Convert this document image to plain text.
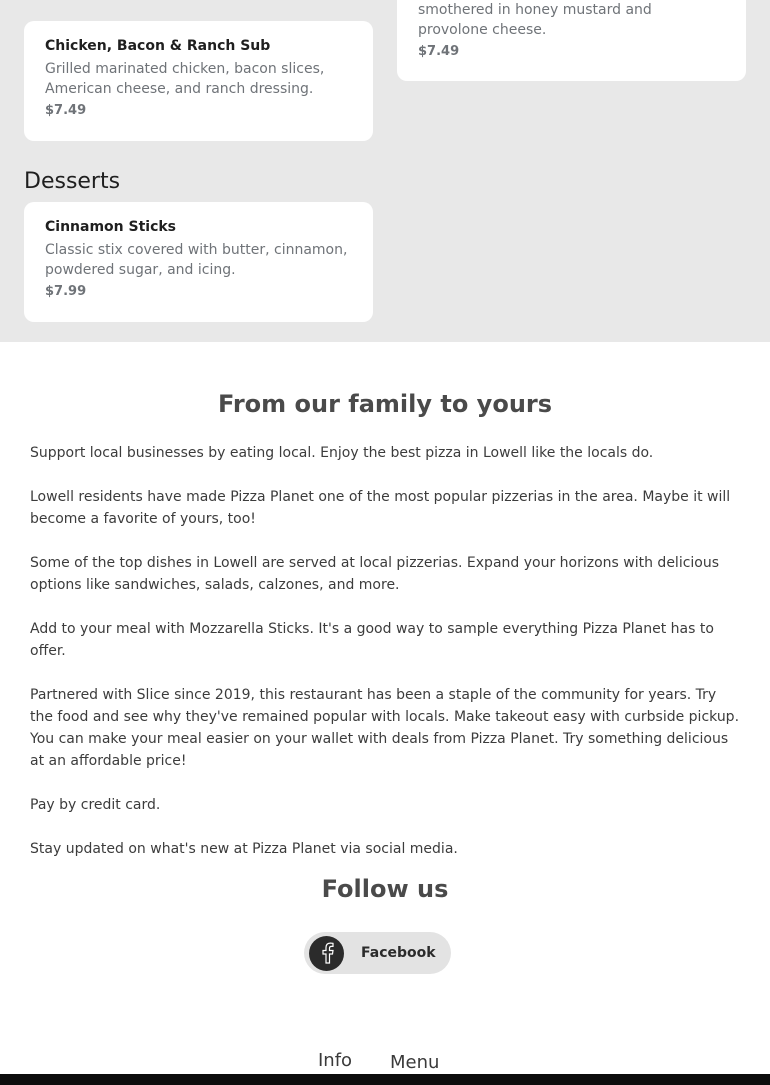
smothered in honey mustard and provolone cheese.
$7.49
Chicken, Bacon & Ranch Sub
Grilled marinated chicken, bacon slices, American cheese, and ranch dressing.
$7.49
Desserts
Cinnamon Sticks
Classic stix covered with butter, cinnamon, powdered sugar, and icing.
$7.99
From our family to yours

Support local businesses by eating local. Enjoy the best pizza in Lowell like the locals do.

Lowell residents have made Pizza Planet one of the most popular pizzerias in the area. Maybe it will become a favorite of yours, too!

Some of the top dishes in Lowell are served at local pizzerias. Expand your horizons with delicious options like sandwiches, salads, calzones, and more.

Add to your meal with Mozzarella Sticks. It's a good way to sample everything Pizza Planet has to offer.

Partnered with Slice since 2019, this restaurant has been a staple of the community for years. Try the food and see why they've remained popular with locals. Make takeout easy with curbside pickup. You can make your meal easier on your wallet with deals from Pizza Planet. Try something delicious at an affordable price!

Pay by credit card.

Stay updated on what's new at Pizza Planet via social media.

Follow us
Facebook
Info Menu
